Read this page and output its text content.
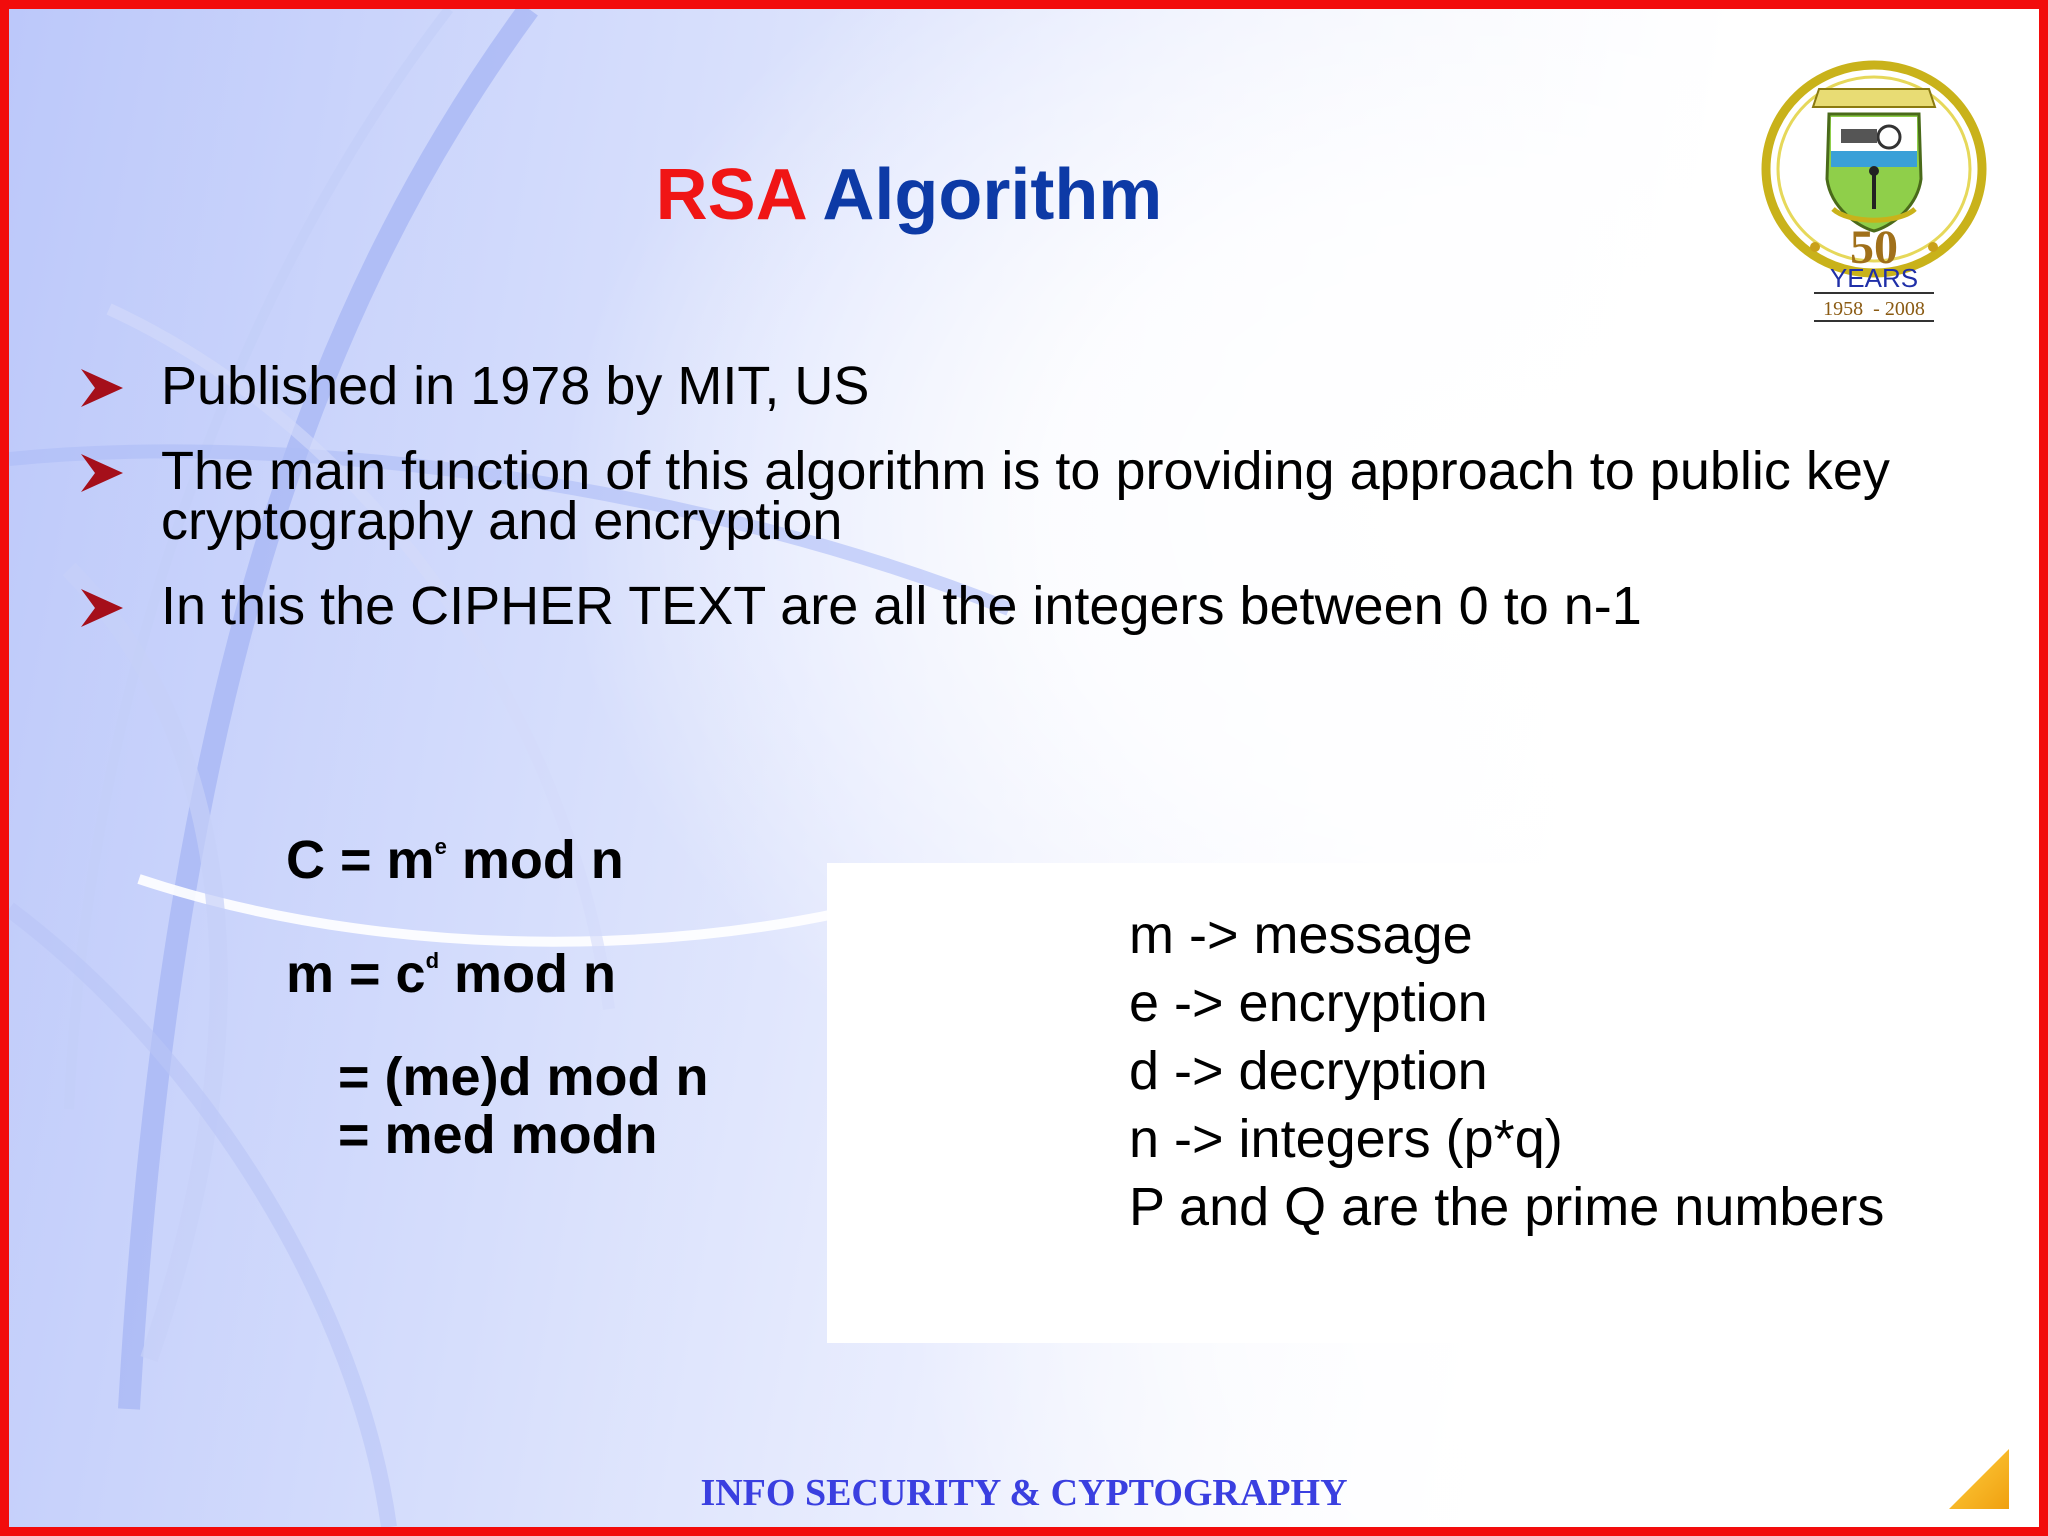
RSA Algorithm
50
YEARS
1958  - 2008
Published in 1978 by MIT, US
The main function of this algorithm is to providing approach to public key
cryptography and encryption
In this the CIPHER TEXT are all the integers between 0 to n-1
$C = m^e$ mod n
$m = c^d$ mod n
= (me)d mod n
= med modn
m -> message
e -> encryption
d -> decryption
n -> integers (p*q)
P and Q are the prime numbers
INFO SECURITY & CYPTOGRAPHY
